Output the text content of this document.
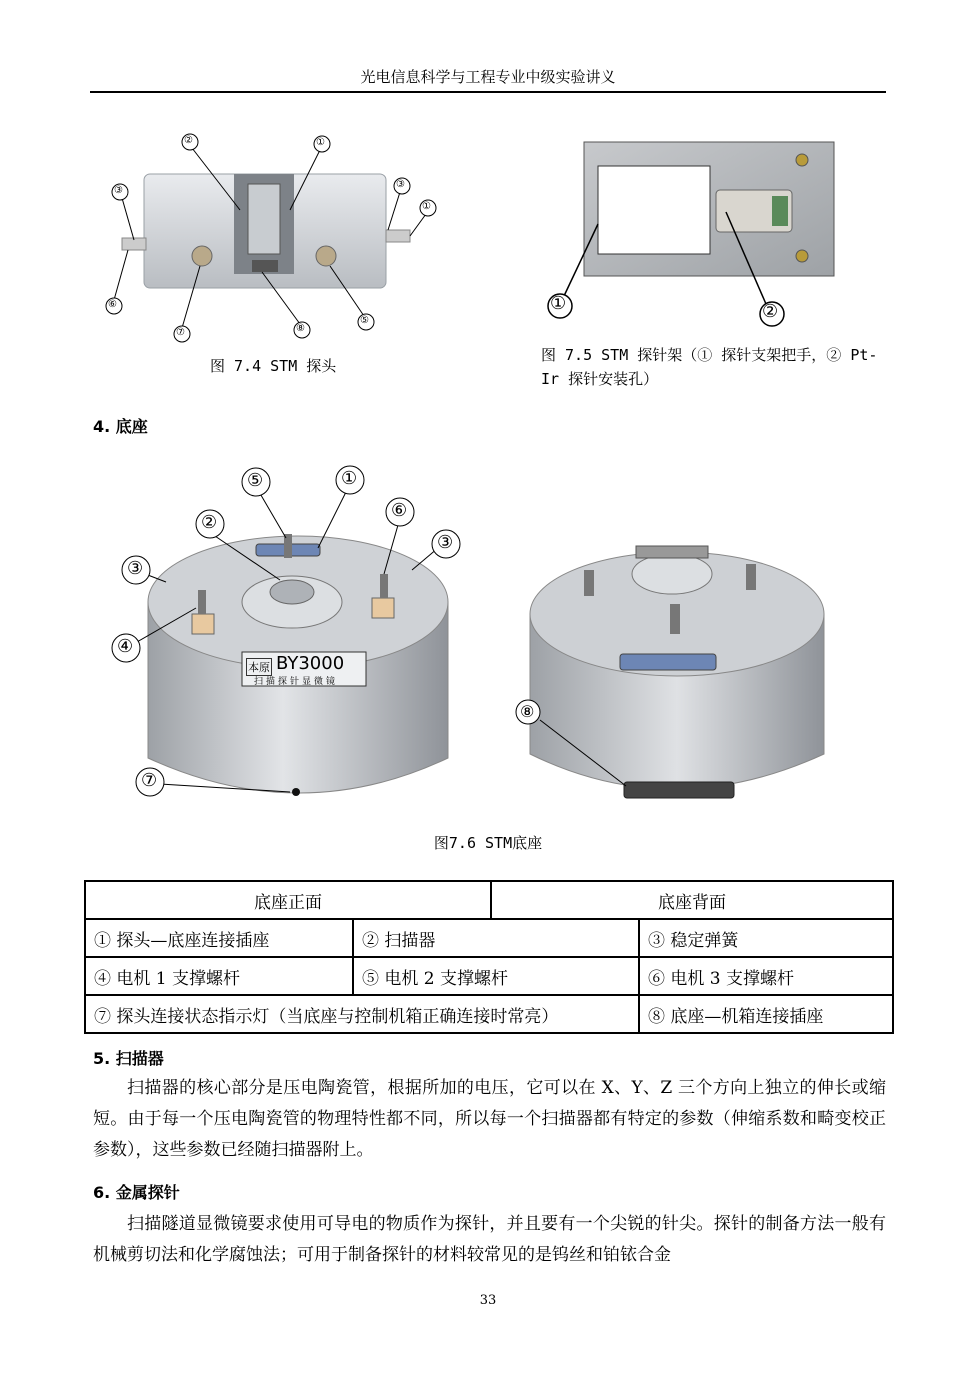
光电信息科学与工程专业中级实验讲义
②	①
③
③
①
⑥
⑦	⑧
⑤
图 7.4 STM 探头
①	②
图 7.5 STM 探针架（① 探针支架把手，② Pt-Ir 探针安装孔）
4. 底座
⑤	①
②
⑥
③
③
④
⑦
本原 BY3000
扫描探针显微镜
⑧
图7.6 STM底座
底座正面		底座背面	
① 探头—底座连接插座	② 扫描器		③ 稳定弹簧
④ 电机 1 支撑螺杆	⑤ 电机 2 支撑螺杆		⑥ 电机 3 支撑螺杆
⑦ 探头连接状态指示灯（当底座与控制机箱正确连接时常亮）			⑧ 底座—机箱连接插座
5. 扫描器
扫描器的核心部分是压电陶瓷管，根据所加的电压，它可以在 X、Y、Z 三个方向上独立的伸长或缩短。由于每一个压电陶瓷管的物理特性都不同，所以每一个扫描器都有特定的参数（伸缩系数和畸变校正参数），这些参数已经随扫描器附上。
6. 金属探针
扫描隧道显微镜要求使用可导电的物质作为探针，并且要有一个尖锐的针尖。探针的制备方法一般有机械剪切法和化学腐蚀法；可用于制备探针的材料较常见的是钨丝和铂铱合金
33
